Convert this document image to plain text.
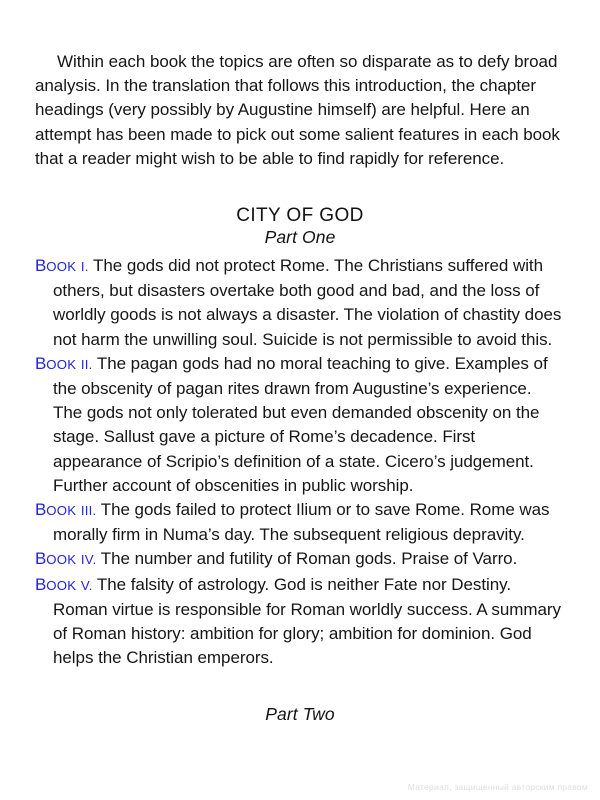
Within each book the topics are often so disparate as to defy broad analysis. In the translation that follows this introduction, the chapter headings (very possibly by Augustine himself) are helpful. Here an attempt has been made to pick out some salient features in each book that a reader might wish to be able to find rapidly for reference.

CITY OF GOD
Part One
BOOK I. The gods did not protect Rome. The Christians suffered with others, but disasters overtake both good and bad, and the loss of worldly goods is not always a disaster. The violation of chastity does not harm the unwilling soul. Suicide is not permissible to avoid this.
BOOK II. The pagan gods had no moral teaching to give. Examples of the obscenity of pagan rites drawn from Augustine’s experience. The gods not only tolerated but even demanded obscenity on the stage. Sallust gave a picture of Rome’s decadence. First appearance of Scripio’s definition of a state. Cicero’s judgement. Further account of obscenities in public worship.
BOOK III. The gods failed to protect Ilium or to save Rome. Rome was morally firm in Numa’s day. The subsequent religious depravity.
BOOK IV. The number and futility of Roman gods. Praise of Varro.
BOOK V. The falsity of astrology. God is neither Fate nor Destiny. Roman virtue is responsible for Roman worldly success. A summary of Roman history: ambition for glory; ambition for dominion. God helps the Christian emperors.
Part Two
Материал, защищенный авторским правом
